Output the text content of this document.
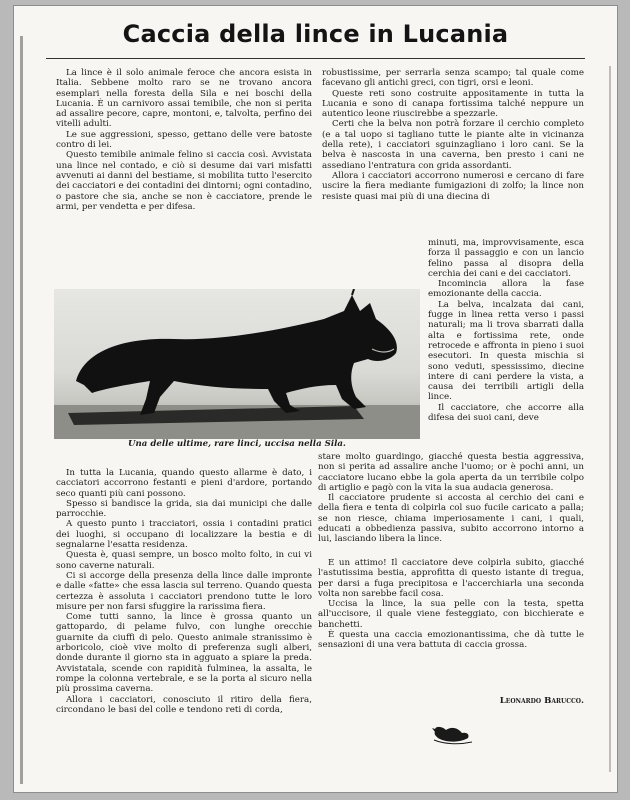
Caccia della lince in Lucania

La lince è il solo animale feroce che ancora esista in Italia. Sebbene molto raro se ne trovano ancora esemplari nella foresta della Sila e nei boschi della Lucania. È un carnivoro assai temibile, che non si perita ad assalire pecore, capre, montoni, e, talvolta, perfino dei vitelli adulti.

Le sue aggressioni, spesso, gettano delle vere batoste contro di lei.

Questo temibile animale felino si caccia così. Avvistata una lince nel contado, e ciò si desume dai vari misfatti avvenuti ai danni del bestiame, si mobilita tutto l'esercito dei cacciatori e dei contadini dei dintorni; ogni contadino, o pastore che sia, anche se non è cacciatore, prende le armi, per vendetta e per difesa.

robustissime, per serrarla senza scampo; tal quale come facevano gli antichi greci, con tigri, orsi e leoni.

Queste reti sono costruite appositamente in tutta la Lucania e sono di canapa fortissima talché neppure un autentico leone riuscirebbe a spezzarle.

Certi che la belva non potrà forzare il cerchio completo (e a tal uopo si tagliano tutte le piante alte in vicinanza della rete), i cacciatori sguinzagliano i loro cani. Se la belva è nascosta in una caverna, ben presto i cani ne assediano l'entratura con grida assordanti.

Allora i cacciatori accorrono numerosi e cercano di fare uscire la fiera mediante fumigazioni di zolfo; la lince non resiste quasi mai più di una diecina di

minuti, ma, improvvisamente, esca forza il passaggio e con un lancio felino passa al disopra della cerchia dei cani e dei cacciatori.

Incomincia allora la fase emozionante della caccia.

La belva, incalzata dai cani, fugge in linea retta verso i passi naturali; ma li trova sbarrati dalla alta e fortissima rete, onde retrocede e affronta in pieno i suoi esecutori. In questa mischia si sono veduti, spessissimo, diecine intere di cani perdere la vista, a causa dei terribili artigli della lince.

Il cacciatore, che accorre alla difesa dei suoi cani, deve

Una delle ultime, rare linci, uccisa nella Sila.

stare molto guardingo, giacché questa bestia aggressiva, non si perita ad assalire anche l'uomo; or è pochi anni, un cacciatore lucano ebbe la gola aperta da un terribile colpo di artiglio e pagò con la vita la sua audacia generosa.

Il cacciatore prudente si accosta al cerchio dei cani e della fiera e tenta di colpirla col suo fucile caricato a palla; se non riesce, chiama imperiosamente i cani, i quali, educati a obbedienza passiva, subito accorrono intorno a lui, lasciando libera la lince.

In tutta la Lucania, quando questo allarme è dato, i cacciatori accorrono festanti e pieni d'ardore, portando seco quanti più cani possono.

Spesso si bandisce la grida, sia dai municipi che dalle parrocchie.

A questo punto i tracciatori, ossia i contadini pratici dei luoghi, si occupano di localizzare la bestia e di segnalarne l'esatta residenza.

Questa è, quasi sempre, un bosco molto folto, in cui vi sono caverne naturali.

Ci si accorge della presenza della lince dalle impronte e dalle «fatte» che essa lascia sul terreno. Quando questa certezza è assoluta i cacciatori prendono tutte le loro misure per non farsi sfuggire la rarissima fiera.

Come tutti sanno, la lince è grossa quanto un gattopardo, di pelame fulvo, con lunghe orecchie guarnite da ciuffi di pelo. Questo animale stranissimo è arboricolo, cioè vive molto di preferenza sugli alberi, donde durante il giorno sta in agguato a spiare la preda. Avvistatala, scende con rapidità fulminea, la assalta, le rompe la colonna vertebrale, e se la porta al sicuro nella più prossima caverna.

Allora i cacciatori, conosciuto il ritiro della fiera, circondano le basi del colle e tendono reti di corda,

È un attimo! Il cacciatore deve colpirla subito, giacché l'astutissima bestia, approfitta di questo istante di tregua, per darsi a fuga precipitosa e l'accerchiarla una seconda volta non sarebbe facil cosa.

Uccisa la lince, la sua pelle con la testa, spetta all'uccisore, il quale viene festeggiato, con bicchierate e banchetti.

È questa una caccia emozionantissima, che dà tutte le sensazioni di una vera battuta di caccia grossa.

Leonardo Barucco.
